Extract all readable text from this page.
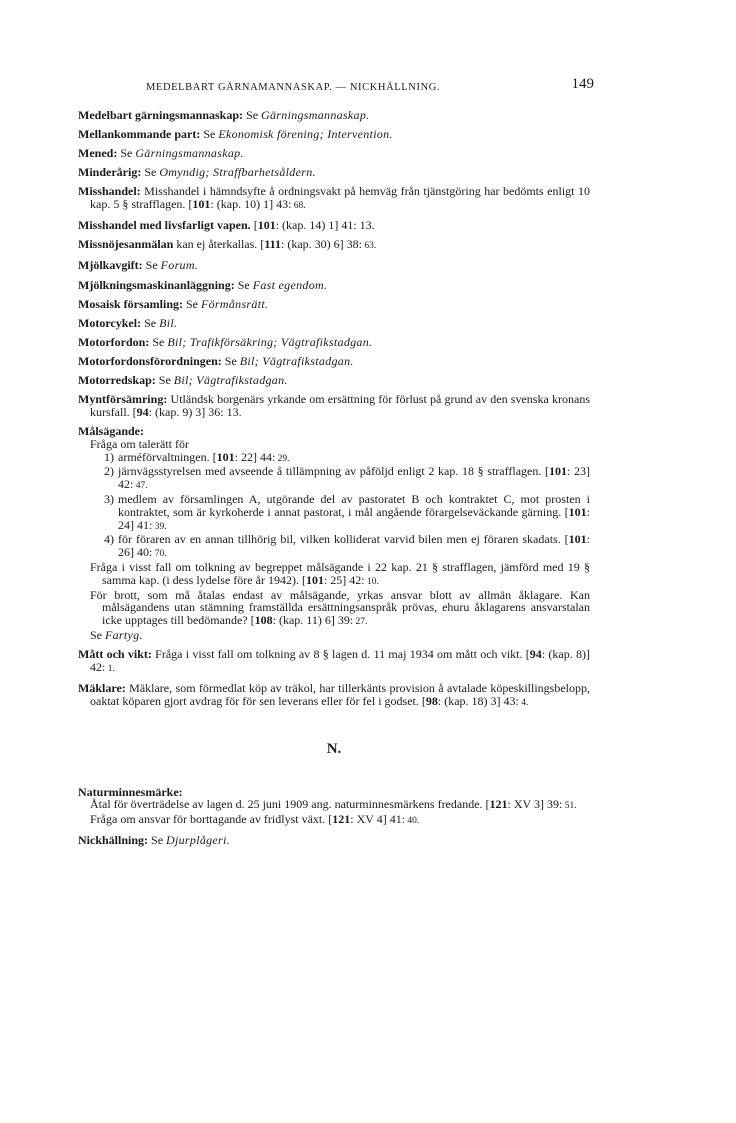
MEDELBART GÄRNAMANNASKAP. — NICKHÄLLNING.	149

Medelbart gärningsmannaskap: Se Gärningsmannaskap.

Mellankommande part: Se Ekonomisk förening; Intervention.

Mened: Se Gärningsmannaskap.

Minderårig: Se Omyndig; Straffbarhetsåldern.

Misshandel: Misshandel i hämndsyfte å ordningsvakt på hemväg från tjänstgöring har bedömts enligt 10 kap. 5 § strafflagen. [101: (kap. 10) 1] 43: 68.

Misshandel med livsfarligt vapen. [101: (kap. 14) 1] 41: 13.

Missnöjesanmälan kan ej återkallas. [111: (kap. 30) 6] 38: 63.

Mjölkavgift: Se Forum.

Mjölkningsmaskinanläggning: Se Fast egendom.

Mosaisk församling: Se Förmånsrätt.

Motorcykel: Se Bil.

Motorfordon: Se Bil; Trafikförsäkring; Vägtrafikstadgan.

Motorfordonsförordningen: Se Bil; Vägtrafikstadgan.

Motorredskap: Se Bil; Vägtrafikstadgan.

Myntförsämring: Utländsk borgenärs yrkande om ersättning för förlust på grund av den svenska kronans kursfall. [94: (kap. 9) 3] 36: 13.

Målsägande:

Fråga om talerätt för

1) arméförvaltningen. [101: 22] 44: 29.

2) järnvägsstyrelsen med avseende å tillämpning av påföljd enligt 2 kap. 18 § strafflagen. [101: 23] 42: 47.

3) medlem av församlingen A, utgörande del av pastoratet B och kontraktet C, mot prosten i kontraktet, som är kyrkoherde i annat pastorat, i mål angående förargelseväckande gärning. [101: 24] 41: 39.

4) för föraren av en annan tillhörig bil, vilken kolliderat varvid bilen men ej föraren skadats. [101: 26] 40: 70.

Fråga i visst fall om tolkning av begreppet målsägande i 22 kap. 21 § strafflagen, jämförd med 19 § samma kap. (i dess lydelse före år 1942). [101: 25] 42: 10.

För brott, som må åtalas endast av målsägande, yrkas ansvar blott av allmän åklagare. Kan målsägandens utan stämning framställda ersättningsanspråk prövas, ehuru åklagarens ansvarstalan icke upptages till bedömande? [108: (kap. 11) 6] 39: 27.

Se Fartyg.

Mått och vikt: Fråga i visst fall om tolkning av 8 § lagen d. 11 maj 1934 om mått och vikt. [94: (kap. 8)] 42: 1.

Mäklare: Mäklare, som förmedlat köp av träkol, har tillerkänts provision å avtalade köpeskillingsbelopp, oaktat köparen gjort avdrag för för sen leverans eller för fel i godset. [98: (kap. 18) 3] 43: 4.

N.
Naturminnesmärke:

Åtal för överträdelse av lagen d. 25 juni 1909 ang. naturminnesmärkens fredande. [121: XV 3] 39: 51.

Fråga om ansvar för borttagande av fridlyst växt. [121: XV 4] 41: 40.

Nickhällning: Se Djurplågeri.
